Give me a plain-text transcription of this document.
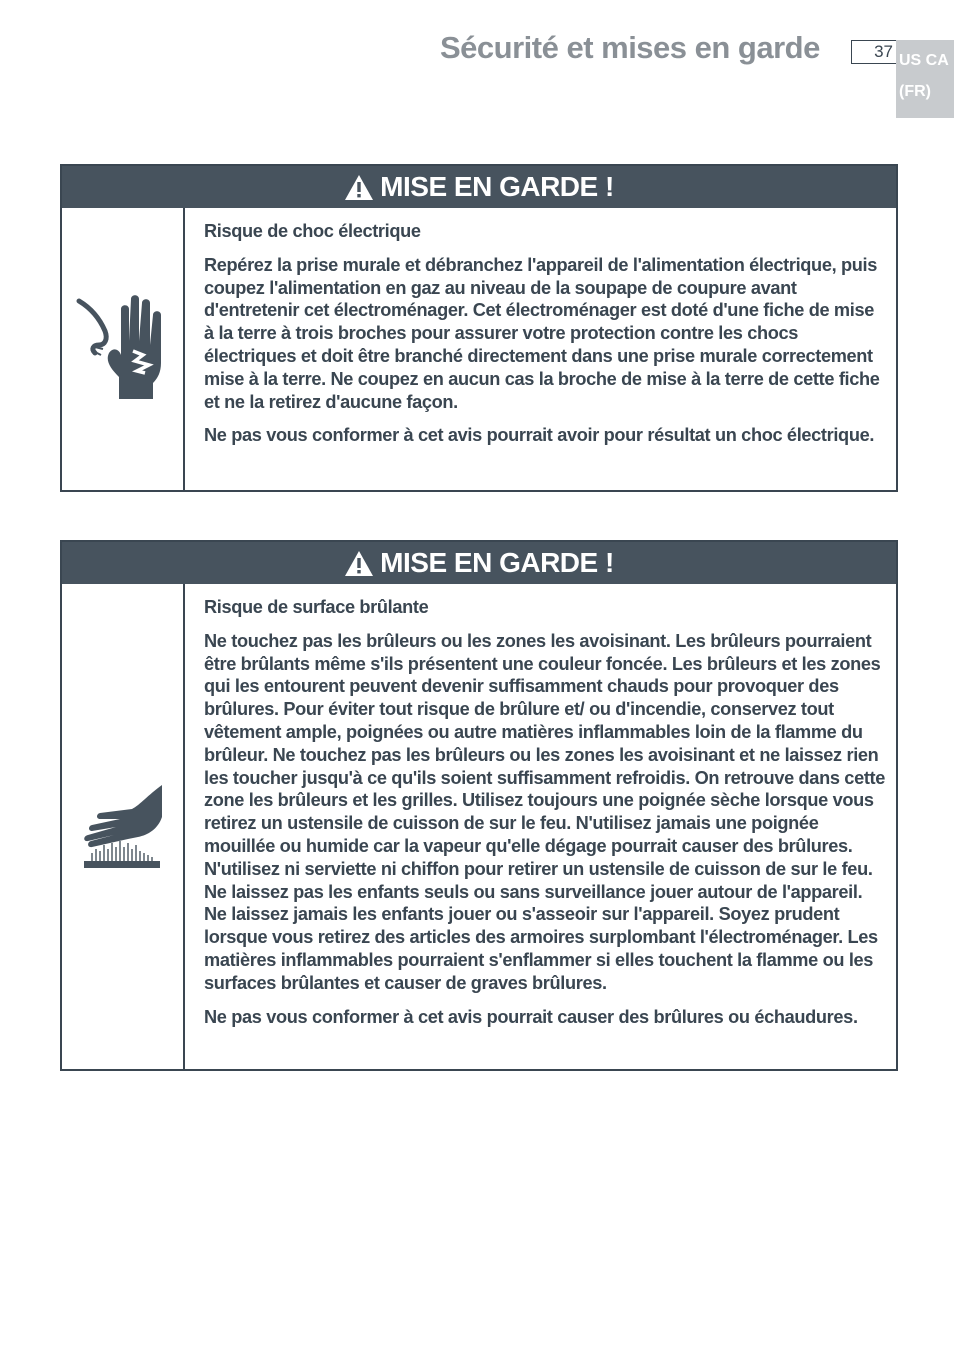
Sécurité et mises en garde	37 US CA
(FR)
MISE EN GARDE !
Risque de choc électrique

Repérez la prise murale et débranchez l'appareil de l'alimentation électrique, puis coupez l'alimentation en gaz au niveau de la soupape de coupure avant d'entretenir cet électroménager. Cet électroménager est doté d'une fiche de mise à la terre à trois broches pour assurer votre protection contre les chocs électriques et doit être branché directement dans une prise murale correctement mise à la terre. Ne coupez en aucun cas la broche de mise à la terre de cette fiche et ne la retirez d'aucune façon.

Ne pas vous conformer à cet avis pourrait avoir pour résultat un choc électrique.

MISE EN GARDE !
Risque de surface brûlante

Ne touchez pas les brûleurs ou les zones les avoisinant. Les brûleurs pourraient être brûlants même s'ils présentent une couleur foncée. Les brûleurs et les zones qui les entourent peuvent devenir suffisamment chauds pour provoquer des brûlures. Pour éviter tout risque de brûlure et/ ou d'incendie, conservez tout vêtement ample, poignées ou autre matières inflammables loin de la flamme du brûleur. Ne touchez pas les brûleurs ou les zones les avoisinant et ne laissez rien les toucher jusqu'à ce qu'ils soient suffisamment refroidis. On retrouve dans cette zone les brûleurs et les grilles. Utilisez toujours une poignée sèche lorsque vous retirez un ustensile de cuisson de sur le feu. N'utilisez jamais une poignée mouillée ou humide car la vapeur qu'elle dégage pourrait causer des brûlures. N'utilisez ni serviette ni chiffon pour retirer un ustensile de cuisson de sur le feu. Ne laissez pas les enfants seuls ou sans surveillance jouer autour de l'appareil. Ne laissez jamais les enfants jouer ou s'asseoir sur l'appareil. Soyez prudent lorsque vous retirez des articles des armoires surplombant l'électroménager. Les matières inflammables pourraient s'enflammer si elles touchent la flamme ou les surfaces brûlantes et causer de graves brûlures.

Ne pas vous conformer à cet avis pourrait causer des brûlures ou échaudures.
